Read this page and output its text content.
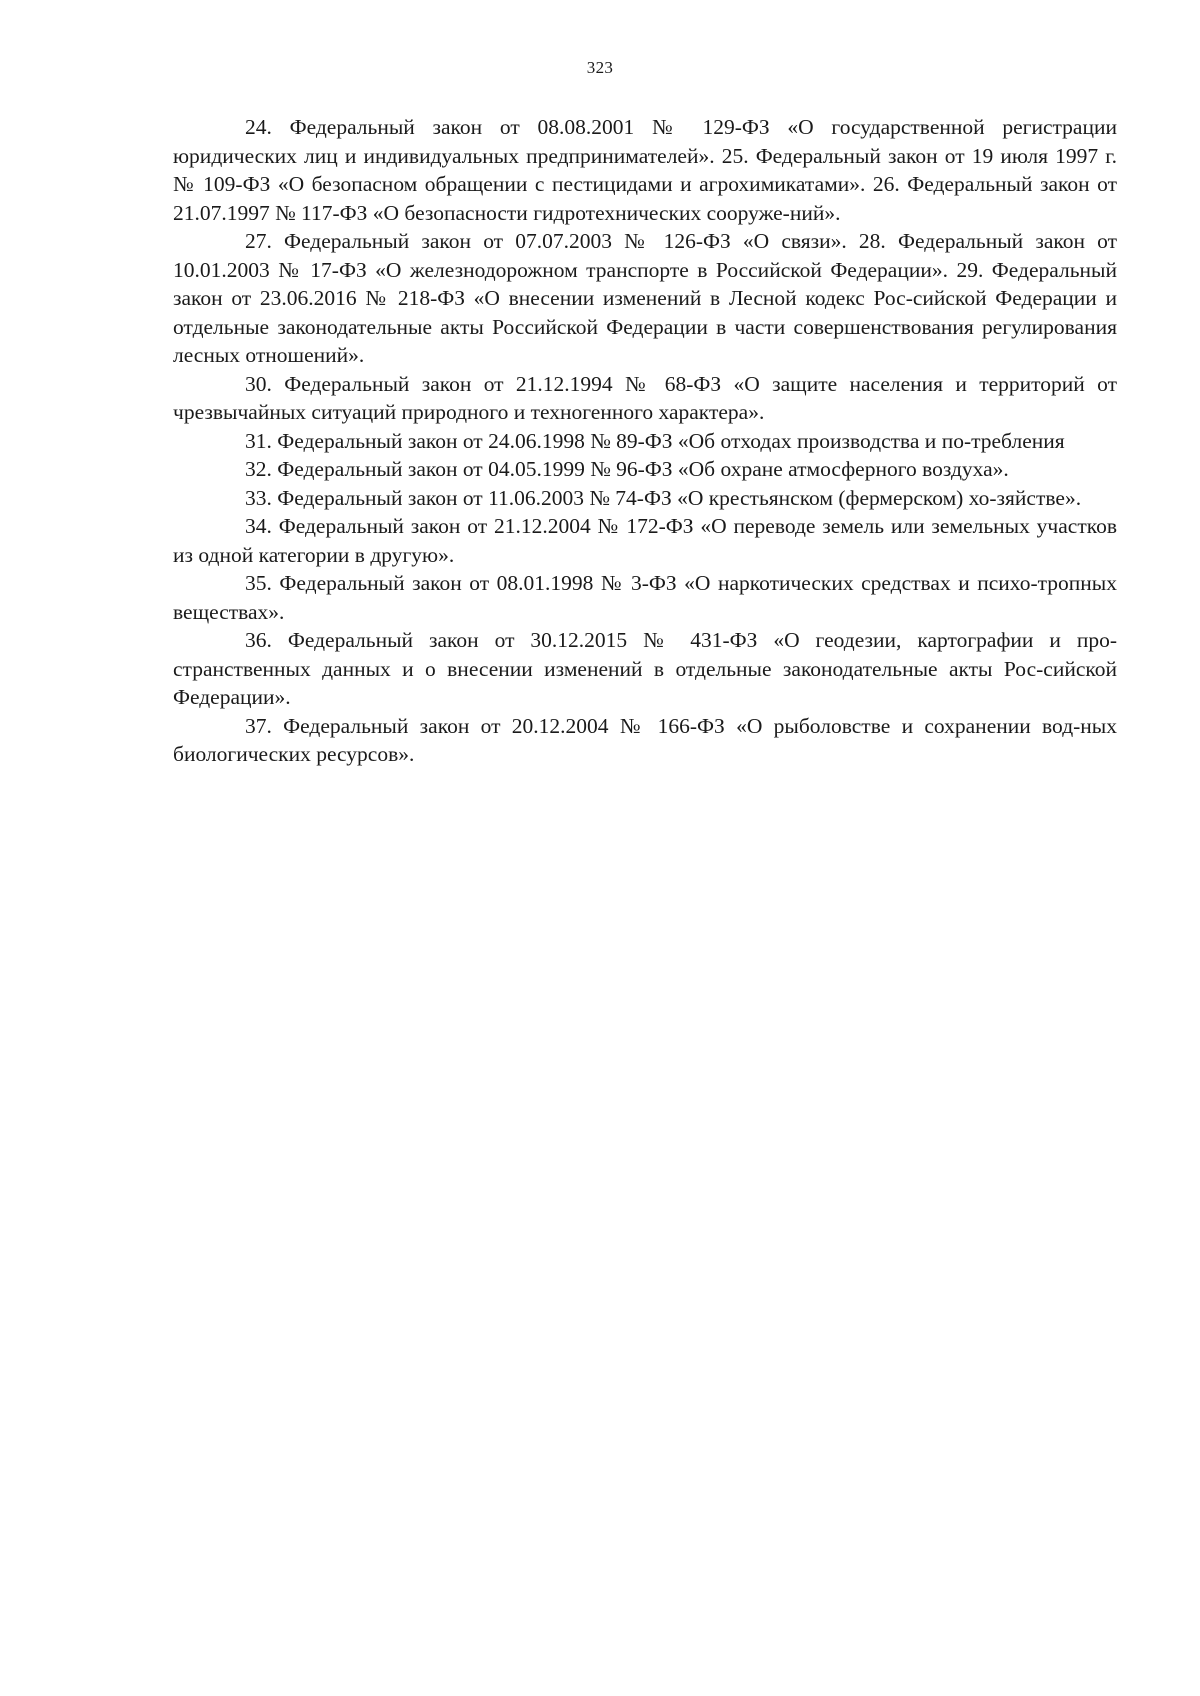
323

24. Федеральный закон от 08.08.2001 № 129-ФЗ «О государственной регистрации юридических лиц и индивидуальных предпринимателей». 25. Федеральный закон от 19 июля 1997 г. № 109-ФЗ «О безопасном обращении с пестицидами и агрохимикатами». 26. Федеральный закон от 21.07.1997 № 117-ФЗ «О безопасности гидротехнических сооруже-ний».

27. Федеральный закон от 07.07.2003 № 126-ФЗ «О связи». 28. Федеральный закон от 10.01.2003 № 17-ФЗ «О железнодорожном транспорте в Российской Федерации». 29. Федеральный закон от 23.06.2016 № 218-ФЗ «О внесении изменений в Лесной кодекс Рос-сийской Федерации и отдельные законодательные акты Российской Федерации в части совершенствования регулирования лесных отношений».

30. Федеральный закон от 21.12.1994 № 68-ФЗ «О защите населения и территорий от чрезвычайных ситуаций природного и техногенного характера».

31. Федеральный закон от 24.06.1998 № 89-ФЗ «Об отходах производства и по-требления

32. Федеральный закон от 04.05.1999 № 96-ФЗ «Об охране атмосферного воздуха».

33. Федеральный закон от 11.06.2003 № 74-ФЗ «О крестьянском (фермерском) хо-зяйстве».

34. Федеральный закон от 21.12.2004 № 172-ФЗ «О переводе земель или земельных участков из одной категории в другую».

35. Федеральный закон от 08.01.1998 № 3-ФЗ «О наркотических средствах и психо-тропных веществах».

36. Федеральный закон от 30.12.2015 № 431-ФЗ «О геодезии, картографии и про-странственных данных и о внесении изменений в отдельные законодательные акты Рос-сийской Федерации».

37. Федеральный закон от 20.12.2004 № 166-ФЗ «О рыболовстве и сохранении вод-ных биологических ресурсов».
